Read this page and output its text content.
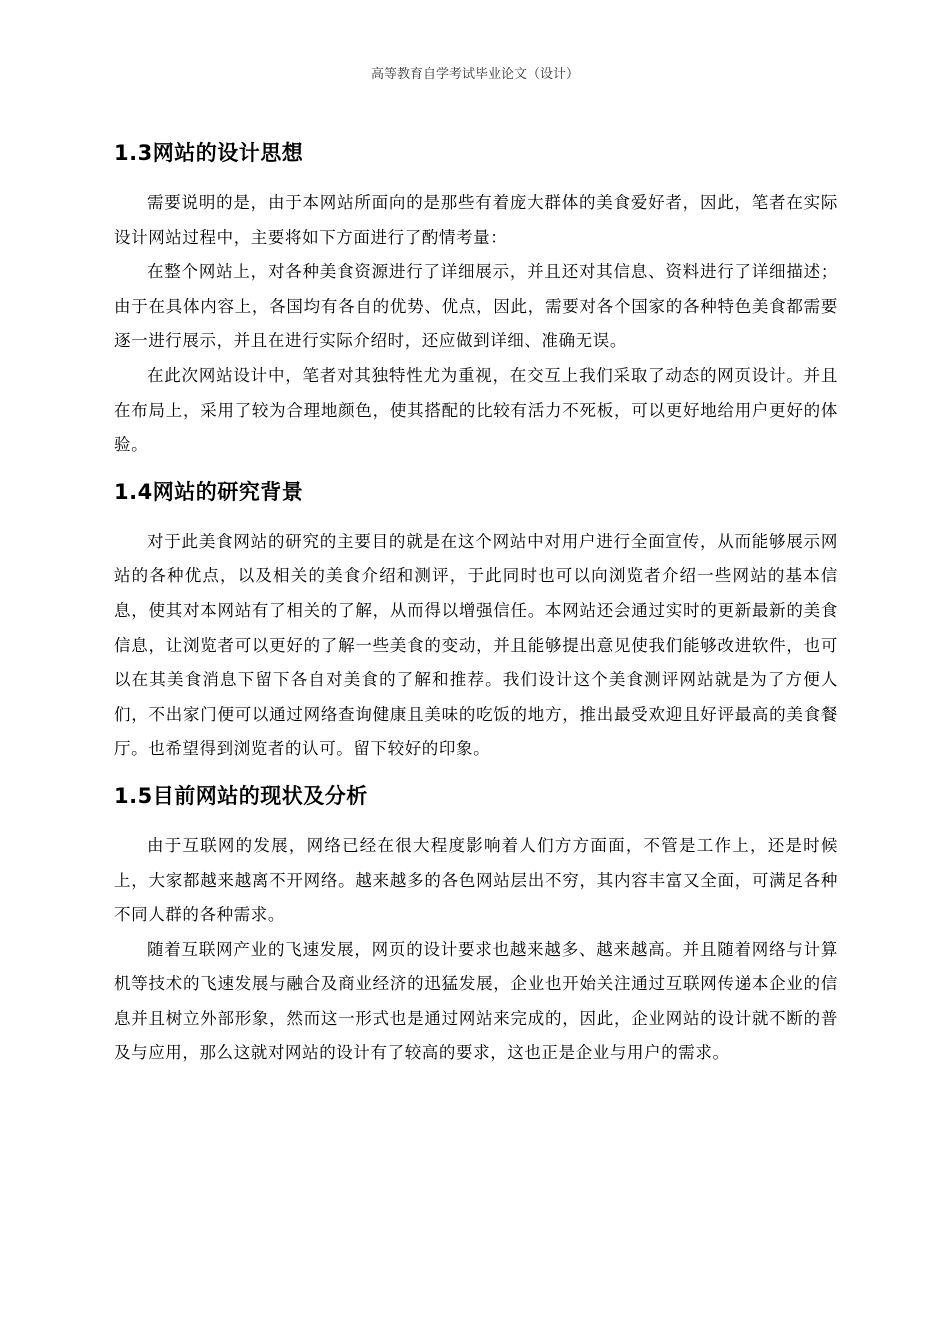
高等教育自学考试毕业论文（设计）
1.3网站的设计思想

需要说明的是，由于本网站所面向的是那些有着庞大群体的美食爱好者，因此，笔者在实际设计网站过程中，主要将如下方面进行了酌情考量：

在整个网站上，对各种美食资源进行了详细展示，并且还对其信息、资料进行了详细描述；由于在具体内容上，各国均有各自的优势、优点，因此，需要对各个国家的各种特色美食都需要逐一进行展示，并且在进行实际介绍时，还应做到详细、准确无误。

在此次网站设计中，笔者对其独特性尤为重视，在交互上我们采取了动态的网页设计。并且在布局上，采用了较为合理地颜色，使其搭配的比较有活力不死板，可以更好地给用户更好的体验。

1.4网站的研究背景

对于此美食网站的研究的主要目的就是在这个网站中对用户进行全面宣传，从而能够展示网站的各种优点，以及相关的美食介绍和测评，于此同时也可以向浏览者介绍一些网站的基本信息，使其对本网站有了相关的了解，从而得以增强信任。本网站还会通过实时的更新最新的美食信息，让浏览者可以更好的了解一些美食的变动，并且能够提出意见使我们能够改进软件，也可以在其美食消息下留下各自对美食的了解和推荐。我们设计这个美食测评网站就是为了方便人们，不出家门便可以通过网络查询健康且美味的吃饭的地方，推出最受欢迎且好评最高的美食餐厅。也希望得到浏览者的认可。留下较好的印象。

1.5目前网站的现状及分析

由于互联网的发展，网络已经在很大程度影响着人们方方面面，不管是工作上，还是时候上，大家都越来越离不开网络。越来越多的各色网站层出不穷，其内容丰富又全面，可满足各种不同人群的各种需求。

随着互联网产业的飞速发展，网页的设计要求也越来越多、越来越高。并且随着网络与计算机等技术的飞速发展与融合及商业经济的迅猛发展，企业也开始关注通过互联网传递本企业的信息并且树立外部形象，然而这一形式也是通过网站来完成的，因此，企业网站的设计就不断的普及与应用，那么这就对网站的设计有了较高的要求，这也正是企业与用户的需求。
